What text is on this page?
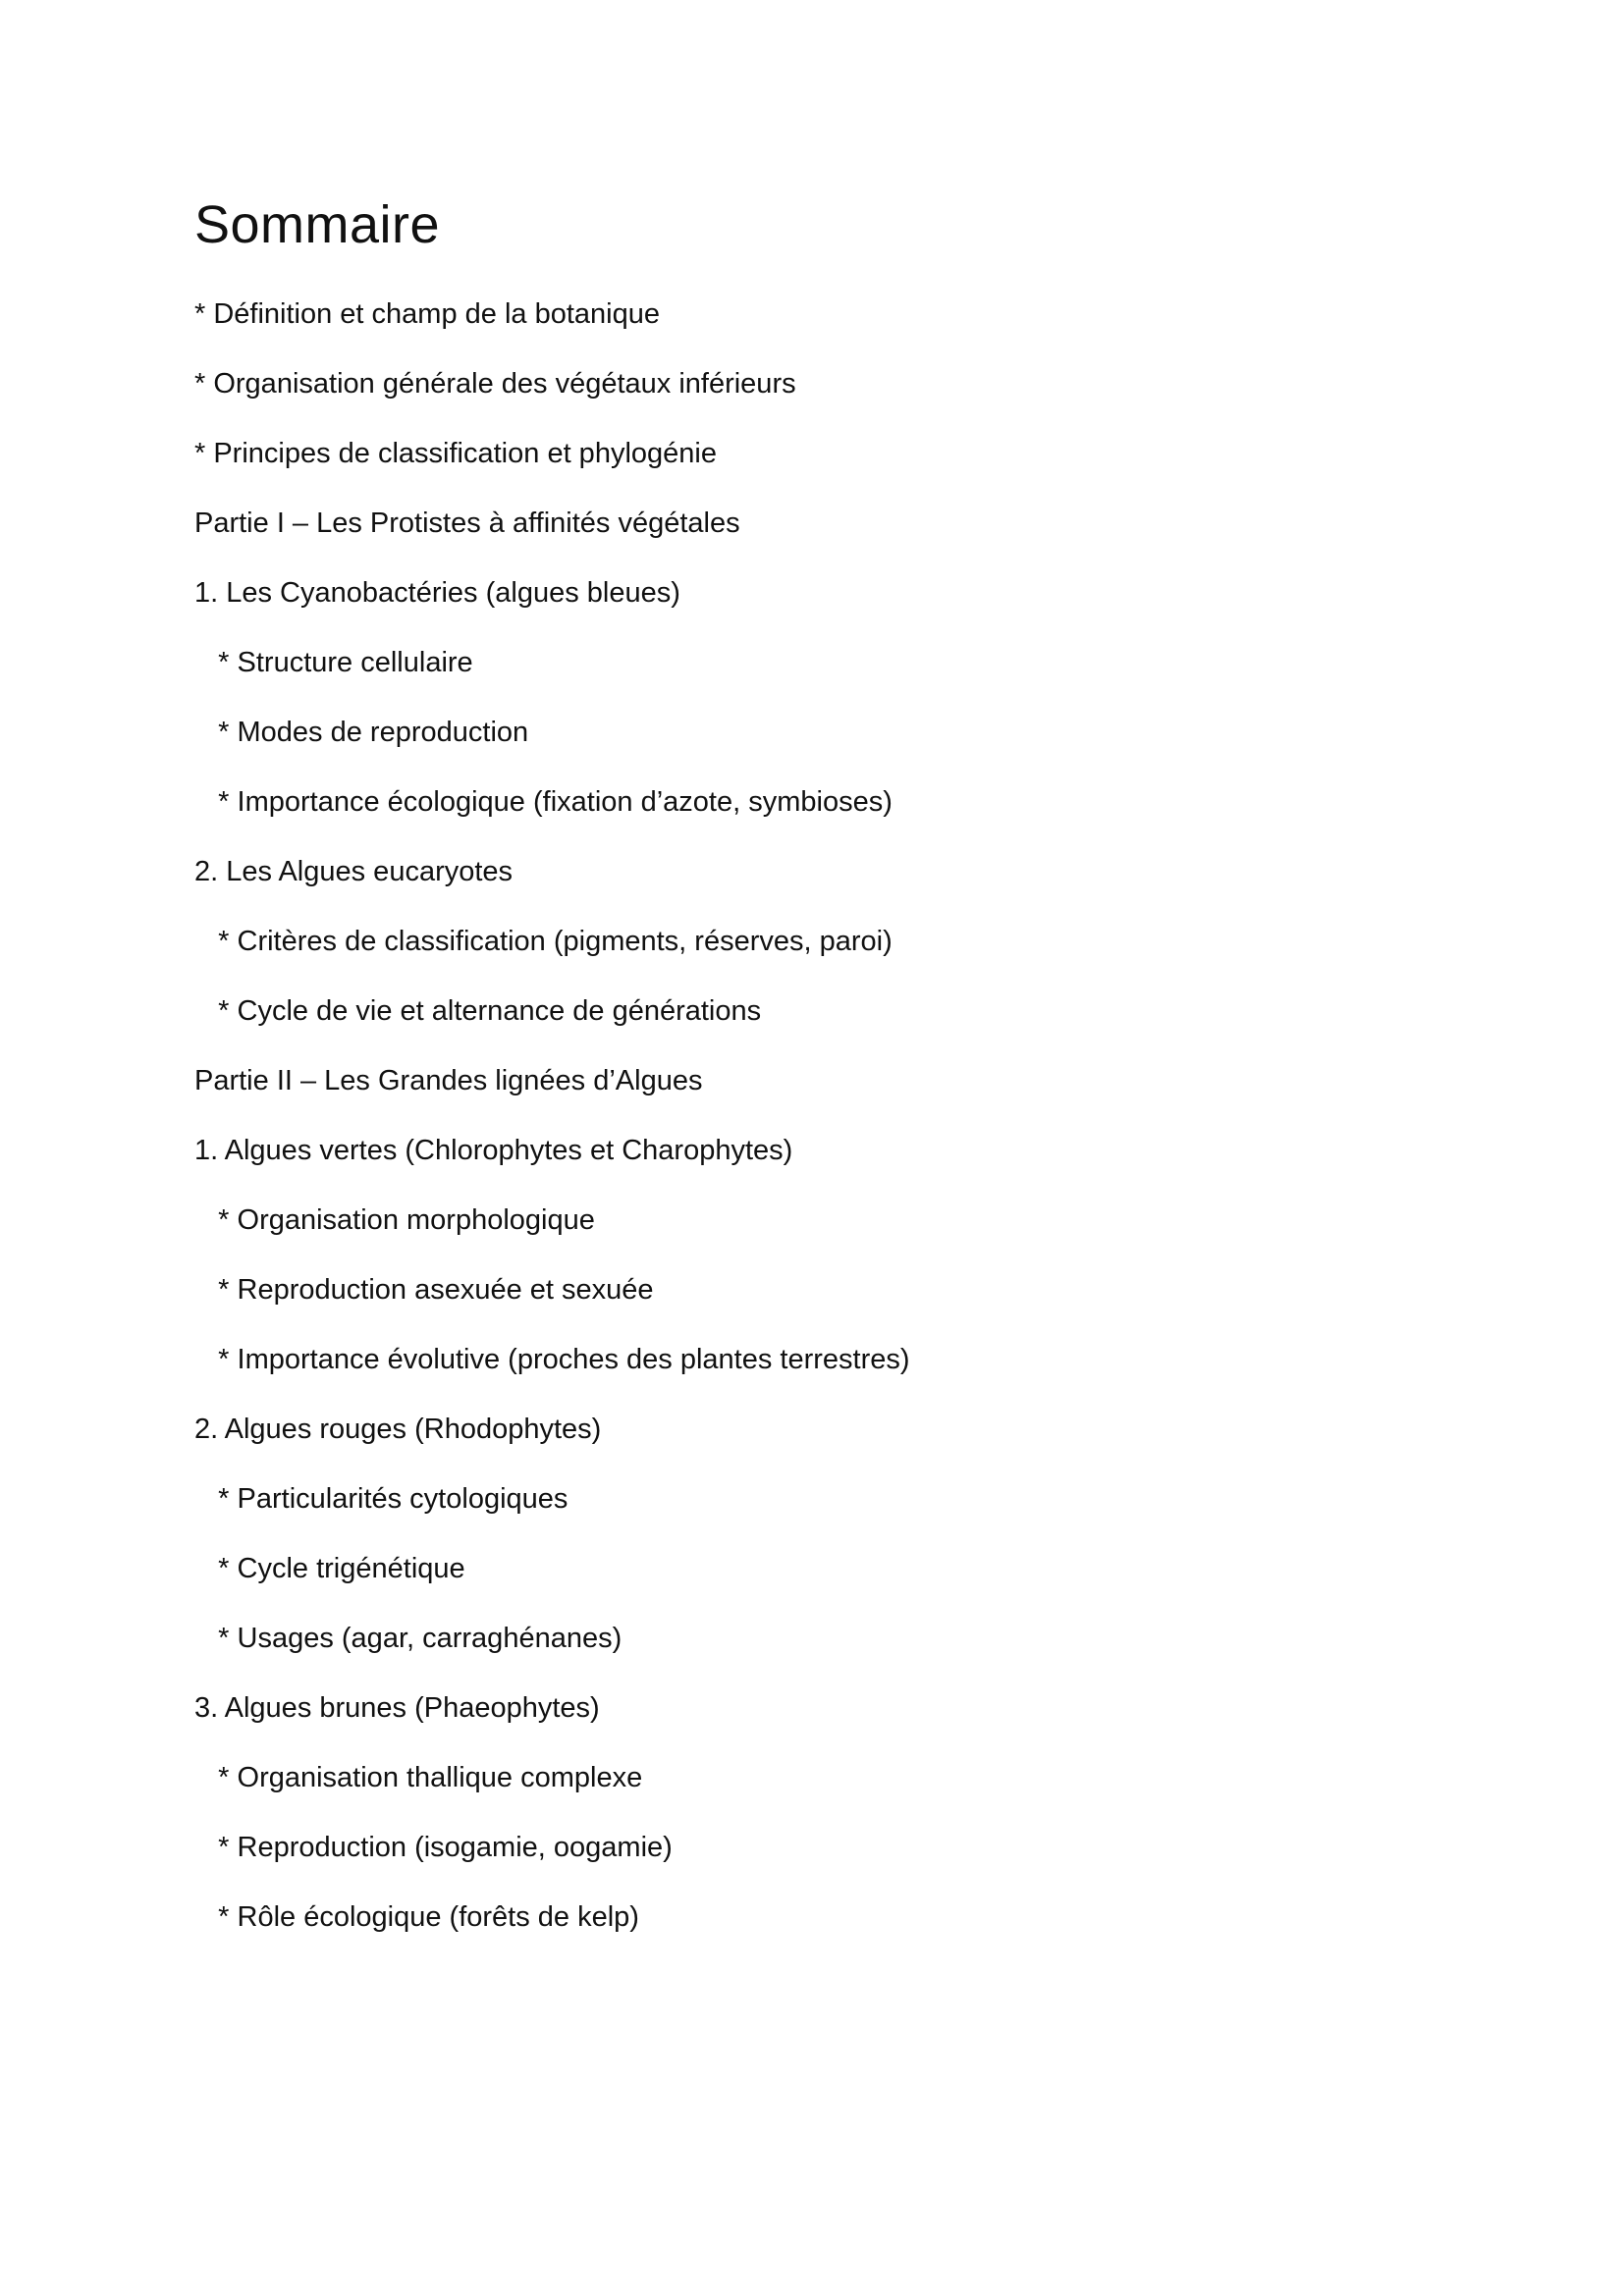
Sommaire
* Définition et champ de la botanique
* Organisation générale des végétaux inférieurs
* Principes de classification et phylogénie
Partie I – Les Protistes à affinités végétales
1. Les Cyanobactéries (algues bleues)
* Structure cellulaire
* Modes de reproduction
* Importance écologique (fixation d’azote, symbioses)
2. Les Algues eucaryotes
* Critères de classification (pigments, réserves, paroi)
* Cycle de vie et alternance de générations
Partie II – Les Grandes lignées d’Algues
1. Algues vertes (Chlorophytes et Charophytes)
* Organisation morphologique
* Reproduction asexuée et sexuée
* Importance évolutive (proches des plantes terrestres)
2. Algues rouges (Rhodophytes)
* Particularités cytologiques
* Cycle trigénétique
* Usages (agar, carraghénanes)
3. Algues brunes (Phaeophytes)
* Organisation thallique complexe
* Reproduction (isogamie, oogamie)
* Rôle écologique (forêts de kelp)
